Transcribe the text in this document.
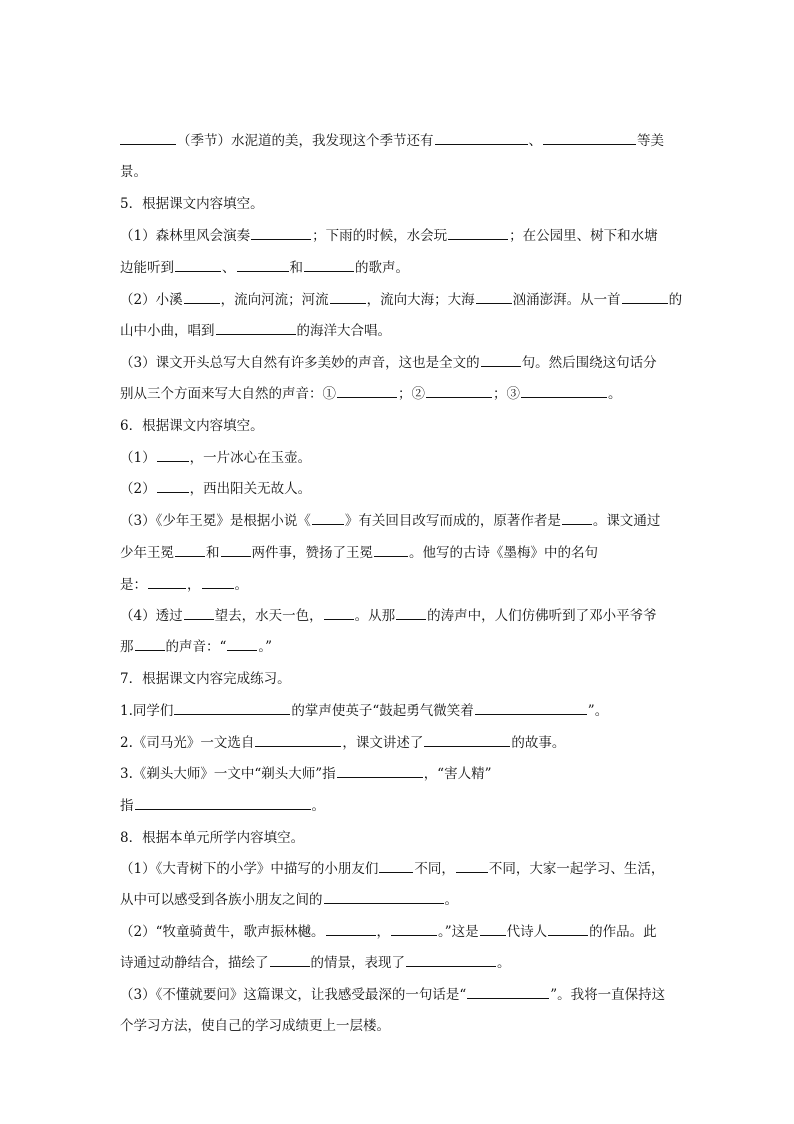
（季节）水泥道的美，我发现这个季节还有	、	等美
景。
5．根据课文内容填空。
（1）森林里风会演奏	；下雨的时候，水会玩	；在公园里、树下和水塘
边能听到	、	和	的歌声。
（2）小溪	，流向河流；河流	，流向大海；大海	汹涌澎湃。从一首	的
山中小曲，唱到	的海洋大合唱。
（3）课文开头总写大自然有许多美妙的声音，这也是全文的	句。然后围绕这句话分
别从三个方面来写大自然的声音：①	；②	；③	。
6．根据课文内容填空。
（1）	，一片冰心在玉壶。
（2）	，西出阳关无故人。
（3）《少年王冕》是根据小说《	》有关回目改写而成的，原著作者是 。课文通过
少年王冕 和 两件事，赞扬了王冕	。他写的古诗《墨梅》中的名句
是：	，	。
（4）透过 望去，水天一色， 。从那 的涛声中，人们仿佛听到了邓小平爷爷
那 的声音：“ 。”
7．根据课文内容完成练习。
1.同学们	的掌声使英子“鼓起勇气微笑着	”。
2.《司马光》一文选自	，课文讲述了	的故事。
3.《剃头大师》一文中“剃头大师”指	，“害人精”
指	。
8．根据本单元所学内容填空。
（1）《大青树下的小学》中描写的小朋友们	不同，	不同，大家一起学习、生活，
从中可以感受到各族小朋友之间的	。
（2）“牧童骑黄牛，歌声振林樾。	，	。”这是 代诗人	的作品。此
诗通过动静结合，描绘了	的情景，表现了	。
（3）《不懂就要问》这篇课文，让我感受最深的一句话是“	”。我将一直保持这
个学习方法，使自己的学习成绩更上一层楼。
